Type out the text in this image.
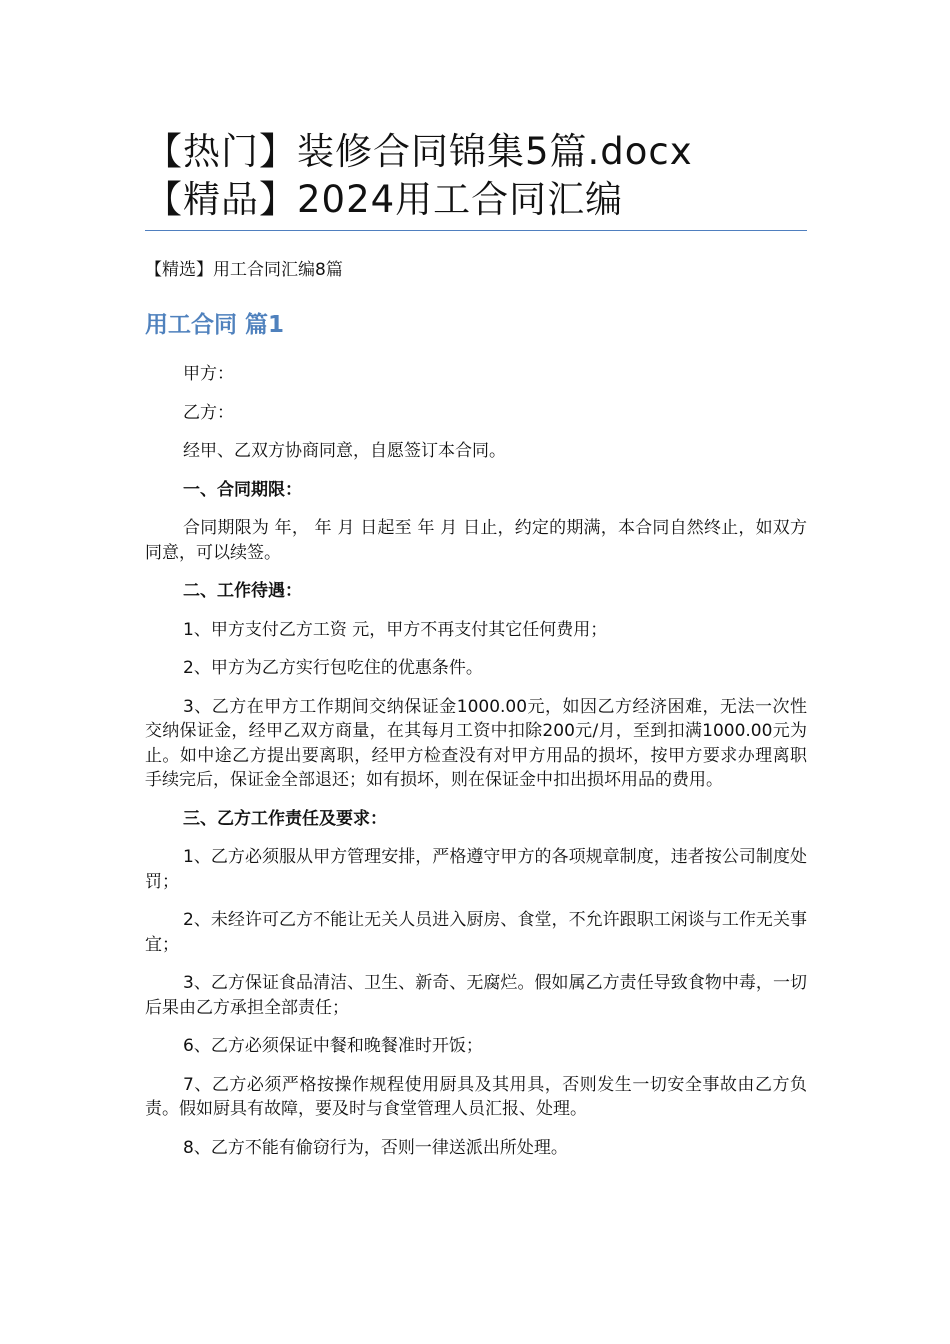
【热门】装修合同锦集5篇.docx

【精品】2024用工合同汇编

【精选】用工合同汇编8篇
用工合同 篇1

甲方：

乙方：

经甲、乙双方协商同意，自愿签订本合同。

一、合同期限：

合同期限为 年， 年 月 日起至 年 月 日止，约定的期满，本合同自然终止，如双方同意，可以续签。

二、工作待遇：

1、甲方支付乙方工资 元，甲方不再支付其它任何费用；

2、甲方为乙方实行包吃住的优惠条件。

3、乙方在甲方工作期间交纳保证金1000.00元，如因乙方经济困难，无法一次性交纳保证金，经甲乙双方商量，在其每月工资中扣除200元/月，至到扣满1000.00元为止。如中途乙方提出要离职，经甲方检查没有对甲方用品的损坏，按甲方要求办理离职手续完后，保证金全部退还；如有损坏，则在保证金中扣出损坏用品的费用。

三、乙方工作责任及要求：

1、乙方必须服从甲方管理安排，严格遵守甲方的各项规章制度，违者按公司制度处罚；

2、未经许可乙方不能让无关人员进入厨房、食堂，不允许跟职工闲谈与工作无关事宜；

3、乙方保证食品清洁、卫生、新奇、无腐烂。假如属乙方责任导致食物中毒，一切后果由乙方承担全部责任；

6、乙方必须保证中餐和晚餐准时开饭；

7、乙方必须严格按操作规程使用厨具及其用具，否则发生一切安全事故由乙方负责。假如厨具有故障，要及时与食堂管理人员汇报、处理。

8、乙方不能有偷窃行为，否则一律送派出所处理。
